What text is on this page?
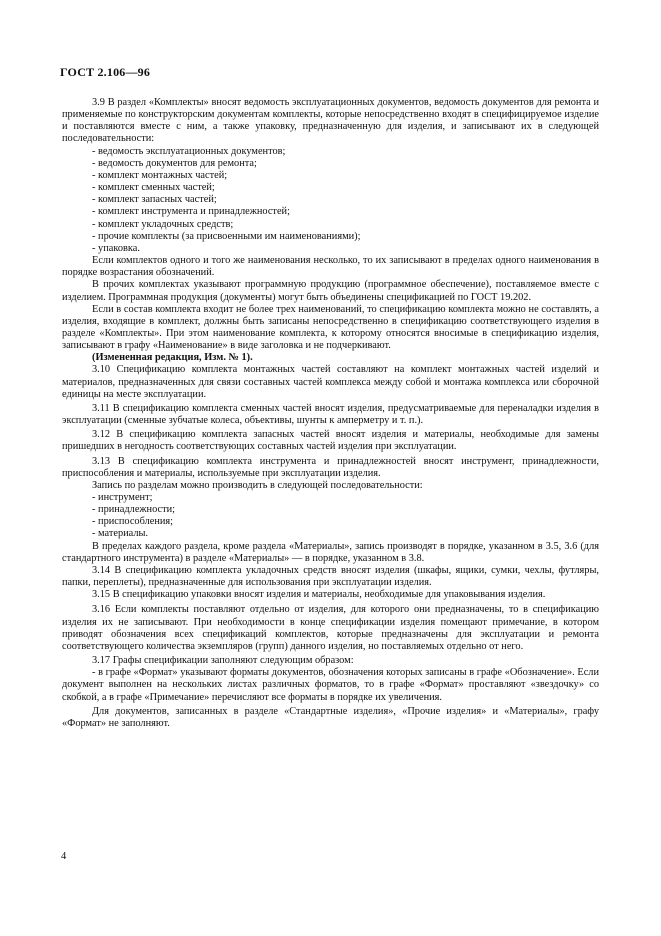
ГОСТ 2.106—96

3.9 В раздел «Комплекты» вносят ведомость эксплуатационных документов, ведомость документов для ремонта и применяемые по конструкторским документам комплекты, которые непосредственно входят в специфицируемое изделие и поставляются вместе с ним, а также упаковку, предназначенную для изделия, и записывают их в следующей последовательности:

- ведомость эксплуатационных документов;

- ведомость документов для ремонта;

- комплект монтажных частей;

- комплект сменных частей;

- комплект запасных частей;

- комплект инструмента и принадлежностей;

- комплект укладочных средств;

- прочие комплекты (за присвоенными им наименованиями);

- упаковка.

Если комплектов одного и того же наименования несколько, то их записывают в пределах одного наименования в порядке возрастания обозначений.

В прочих комплектах указывают программную продукцию (программное обеспечение), поставляемое вместе с изделием. Программная продукция (документы) могут быть объединены спецификацией по ГОСТ 19.202.

Если в состав комплекта входит не более трех наименований, то спецификацию комплекта можно не составлять, а изделия, входящие в комплект, должны быть записаны непосредственно в спецификацию соответствующего изделия в разделе «Комплекты». При этом наименование комплекта, к которому относятся вносимые в спецификацию изделия, записывают в графу «Наименование» в виде заголовка и не подчеркивают.

(Измененная редакция, Изм. № 1).

3.10 Спецификацию комплекта монтажных частей составляют на комплект монтажных частей изделий и материалов, предназначенных для связи составных частей комплекса между собой и монтажа комплекса или сборочной единицы на месте эксплуатации.

3.11 В спецификацию комплекта сменных частей вносят изделия, предусматриваемые для переналадки изделия в эксплуатации (сменные зубчатые колеса, объективы, шунты к амперметру и т. п.).

3.12 В спецификацию комплекта запасных частей вносят изделия и материалы, необходимые для замены пришедших в негодность соответствующих составных частей изделия при эксплуатации.

3.13 В спецификацию комплекта инструмента и принадлежностей вносят инструмент, принадлежности, приспособления и материалы, используемые при эксплуатации изделия.

Запись по разделам можно производить в следующей последовательности:

- инструмент;

- принадлежности;

- приспособления;

- материалы.

В пределах каждого раздела, кроме раздела «Материалы», запись производят в порядке, указанном в 3.5, 3.6 (для стандартного инструмента) в разделе «Материалы» — в порядке, указанном в 3.8.

3.14 В спецификацию комплекта укладочных средств вносят изделия (шкафы, ящики, сумки, чехлы, футляры, папки, переплеты), предназначенные для использования при эксплуатации изделия.

3.15 В спецификацию упаковки вносят изделия и материалы, необходимые для упаковывания изделия.

3.16 Если комплекты поставляют отдельно от изделия, для которого они предназначены, то в спецификацию изделия их не записывают. При необходимости в конце спецификации изделия помещают примечание, в котором приводят обозначения всех спецификаций комплектов, которые предназначены для эксплуатации и ремонта соответствующего количества экземпляров (групп) данного изделия, но поставляемых отдельно от него.

3.17 Графы спецификации заполняют следующим образом:

- в графе «Формат» указывают форматы документов, обозначения которых записаны в графе «Обозначение». Если документ выполнен на нескольких листах различных форматов, то в графе «Формат» проставляют «звездочку» со скобкой, а в графе «Примечание» перечисляют все форматы в порядке их увеличения.

Для документов, записанных в разделе «Стандартные изделия», «Прочие изделия» и «Материалы», графу «Формат» не заполняют.

4
